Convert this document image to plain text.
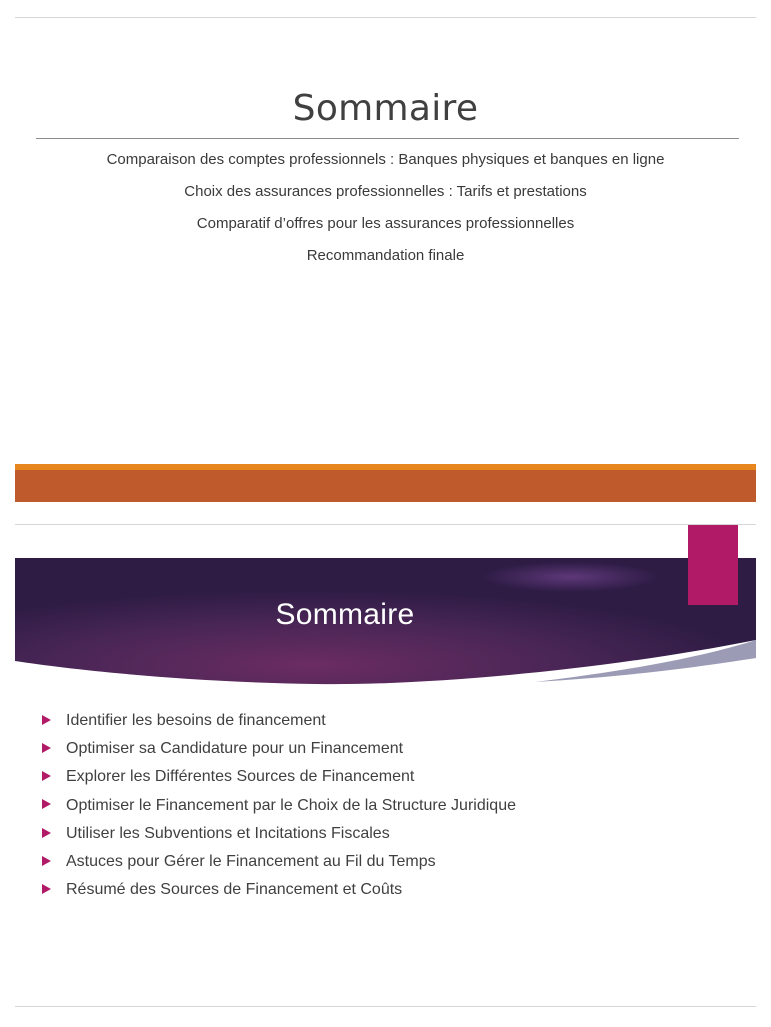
Sommaire
Comparaison des comptes professionnels : Banques physiques et banques en ligne
Choix des assurances professionnelles : Tarifs et prestations
Comparatif d’offres pour les assurances professionnelles
Recommandation finale
Sommaire
Identifier les besoins de financement
Optimiser sa Candidature pour un Financement
Explorer les Différentes Sources de Financement
Optimiser le Financement par le Choix de la Structure Juridique
Utiliser les Subventions et Incitations Fiscales
Astuces pour Gérer le Financement au Fil du Temps
Résumé des Sources de Financement et Coûts
